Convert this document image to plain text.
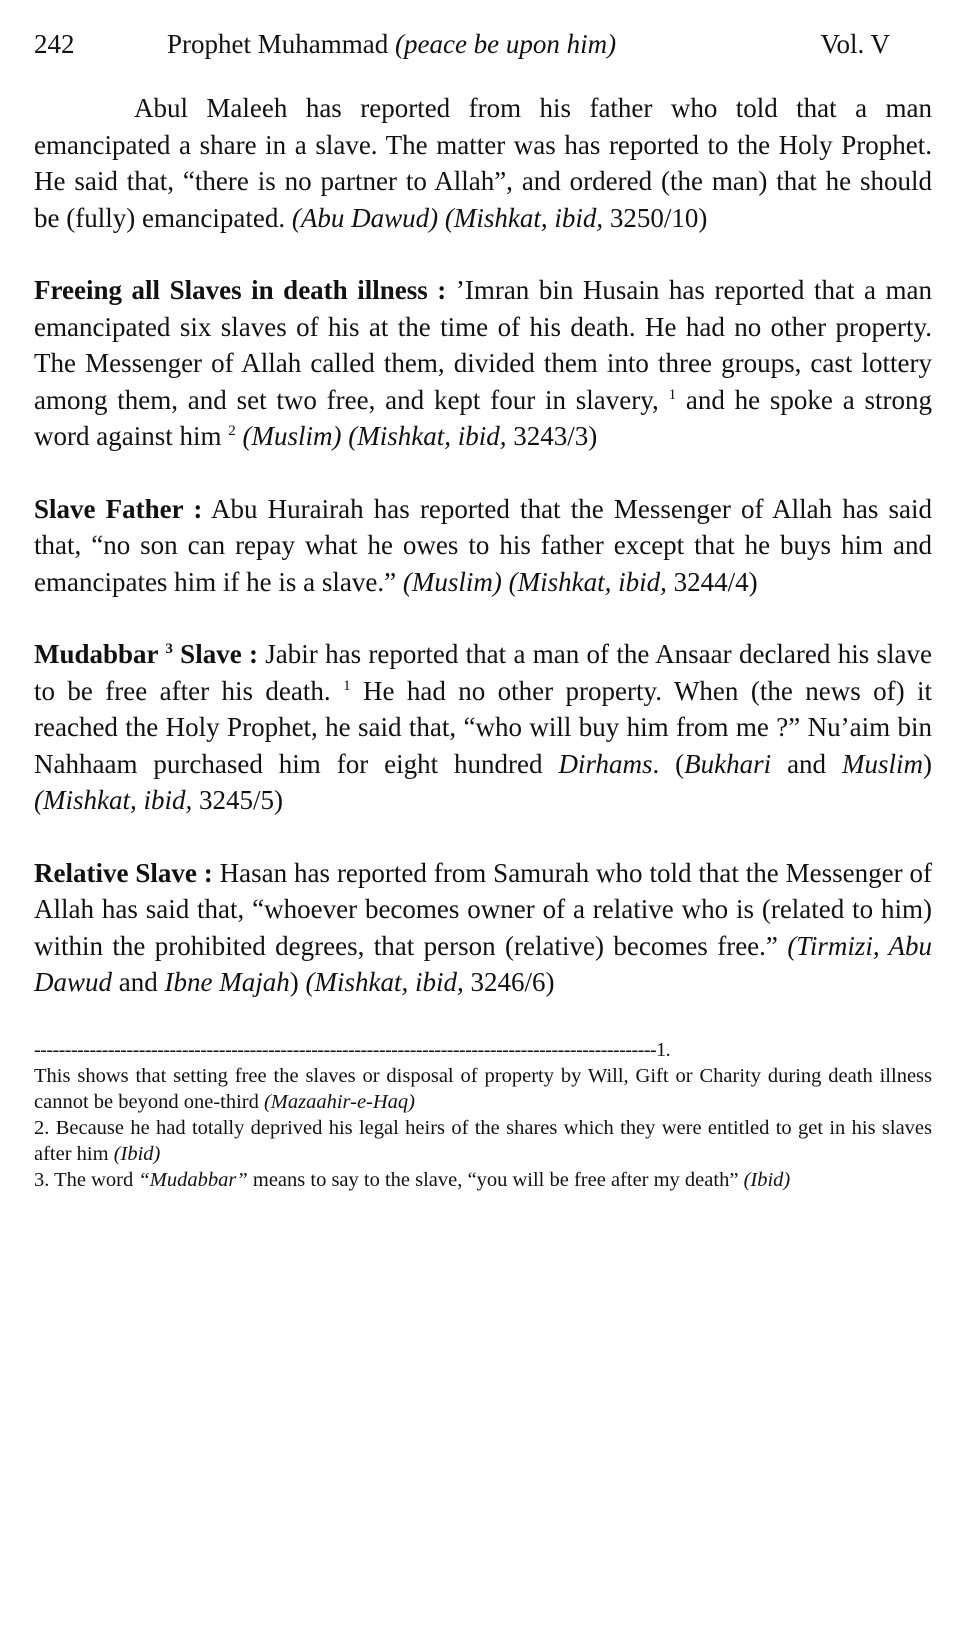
242	Prophet Muhammad (peace be upon him)	Vol. V

Abul Maleeh has reported from his father who told that a man emancipated a share in a slave. The matter was has reported to the Holy Prophet. He said that, “there is no partner to Allah”, and ordered (the man) that he should be (fully) emancipated. (Abu Dawud) (Mishkat, ibid, 3250/10)

Freeing all Slaves in death illness : ’Imran bin Husain has reported that a man emancipated six slaves of his at the time of his death. He had no other property. The Messenger of Allah called them, divided them into three groups, cast lottery among them, and set two free, and kept four in slavery, $^1$ and he spoke a strong word against him $^2$ (Muslim) (Mishkat, ibid, 3243/3)

Slave Father : Abu Hurairah has reported that the Messenger of Allah has said that, “no son can repay what he owes to his father except that he buys him and emancipates him if he is a slave.” (Muslim) (Mishkat, ibid, 3244/4)

Mudabbar $^3$ Slave : Jabir has reported that a man of the Ansaar declared his slave to be free after his death. $^1$ He had no other property. When (the news of) it reached the Holy Prophet, he said that, “who will buy him from me ?” Nu’aim bin Nahhaam purchased him for eight hundred Dirhams. (Bukhari and Muslim) (Mishkat, ibid, 3245/5)

Relative Slave : Hasan has reported from Samurah who told that the Messenger of Allah has said that, “whoever becomes owner of a relative who is (related to him) within the prohibited degrees, that person (relative) becomes free.” (Tirmizi, Abu Dawud and Ibne Majah) (Mishkat, ibid, 3246/6)

-----------------------------------------------------------------------------------------------------1.

This shows that setting free the slaves or disposal of property by Will, Gift or Charity during death illness cannot be beyond one-third (Mazaahir-e-Haq)

2. Because he had totally deprived his legal heirs of the shares which they were entitled to get in his slaves after him (Ibid)

3. The word “Mudabbar” means to say to the slave, “you will be free after my death” (Ibid)
